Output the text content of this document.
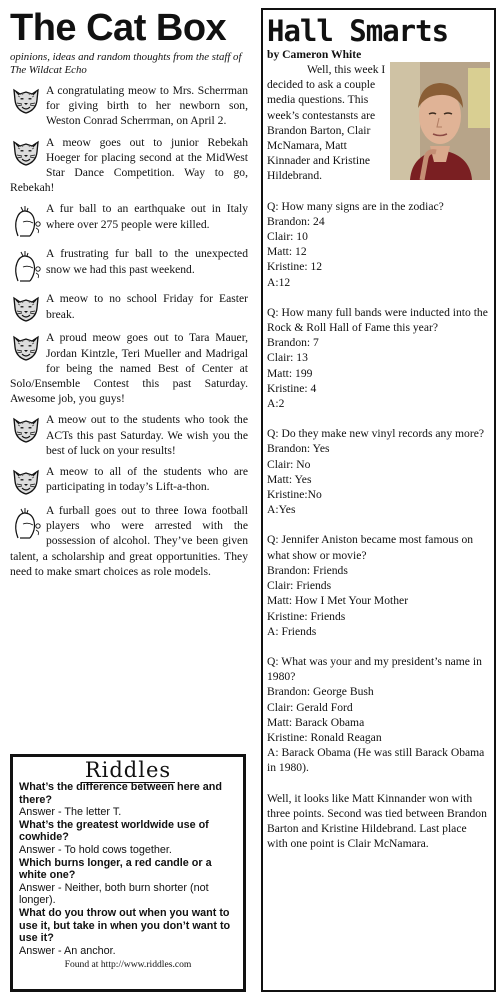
The Cat Box

opinions, ideas and random thoughts from the staff of The Wildcat Echo

A congratulating meow to Mrs. Scherrman for giving birth to her newborn son, Weston Conrad Scherrman, on April 2.

A meow goes out to junior Rebekah Hoeger for placing second at the MidWest Star Dance Competition. Way to go, Rebekah!

A fur ball to an earthquake out in Italy where over 275 people were killed.

A frustrating fur ball to the unexpected snow we had this past weekend.

A meow to no school Friday for Easter break.

A proud meow goes out to Tara Mauer, Jordan Kintzle, Teri Mueller and Madrigal for being the named Best of Center at Solo/Ensemble Contest this past Saturday. Awesome job, you guys!

A meow out to the students who took the ACTs this past Saturday. We wish you the best of luck on your results!

A meow to all of the students who are participating in today’s Lift-a-thon.

A furball goes out to three Iowa football players who were arrested with the possession of alcohol. They’ve been given talent, a scholarship and great opportunities. They need to make smart choices as role models.

Riddles

What’s the difference between here and there?

Answer - The letter T.

What’s the greatest worldwide use of cowhide?

Answer - To hold cows together.

Which burns longer, a red candle or a white one?

Answer - Neither, both burn shorter (not longer).

What do you throw out when you want to use it, but take in when you don’t want to use it?

Answer - An anchor.

Found at http://www.riddles.com

Hall Smarts

by Cameron White

Well, this week I decided to ask a couple media questions. This week’s contestansts are Brandon Barton, Clair McNamara, Matt Kinnader and Kristine Hildebrand.

Q: How many signs are in the zodiac?
Brandon: 24
Clair: 10
Matt: 12
Kristine: 12
A:12
Q: How many full bands were inducted into the Rock & Roll Hall of Fame this year?
Brandon: 7
Clair: 13
Matt: 199
Kristine: 4
A:2
Q: Do they make new vinyl records any more?
Brandon: Yes
Clair: No
Matt: Yes
Kristine:No
A:Yes
Q: Jennifer Aniston became most famous on what show or movie?
Brandon: Friends
Clair: Friends
Matt: How I Met Your Mother
Kristine: Friends
A: Friends
Q: What was your and my president’s name in 1980?
Brandon: George Bush
Clair: Gerald Ford
Matt: Barack Obama
Kristine: Ronald Reagan
A: Barack Obama (He was still Barack Obama in 1980).

Well, it looks like Matt Kinnander won with three points. Second was tied between Brandon Barton and Kristine Hildebrand. Last place with one point is Clair McNamara.
